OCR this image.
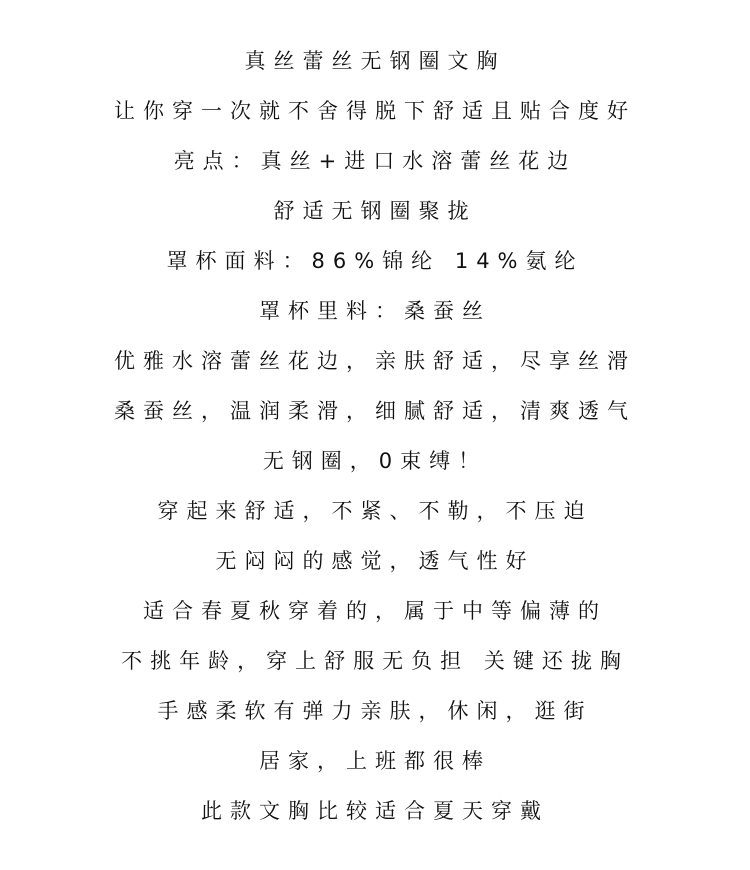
真丝蕾丝无钢圈文胸
让你穿一次就不舍得脱下舒适且贴合度好
亮点：真丝+进口水溶蕾丝花边
舒适无钢圈聚拢
罩杯面料：86%锦纶 14%氨纶
罩杯里料：桑蚕丝
优雅水溶蕾丝花边，亲肤舒适，尽享丝滑
桑蚕丝，温润柔滑，细腻舒适，清爽透气
无钢圈，0束缚！
穿起来舒适，不紧、不勒，不压迫
无闷闷的感觉，透气性好
适合春夏秋穿着的，属于中等偏薄的
不挑年龄，穿上舒服无负担 关键还拢胸
手感柔软有弹力亲肤，休闲，逛街
居家，上班都很棒
此款文胸比较适合夏天穿戴
